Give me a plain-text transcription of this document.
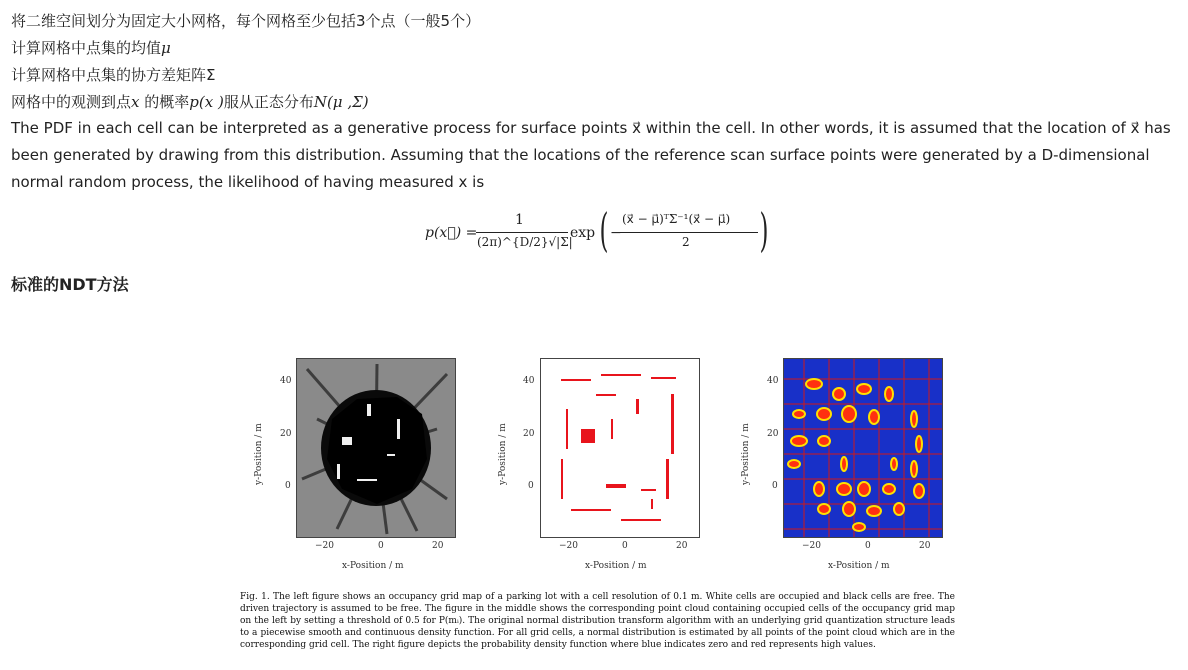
将二维空间划分为固定大小网格，每个网格至少包括3个点（一般5个）
计算网格中点集的均值μ
计算网格中点集的协方差矩阵Σ
网格中的观测到点x 的概率p(x )服从正态分布N(μ ,Σ)
The PDF in each cell can be interpreted as a generative process for surface points x⃗ within the cell. In other words, it is assumed that the location of x⃗ has been generated by drawing from this distribution. Assuming that the locations of the reference scan surface points were generated by a D-dimensional normal random process, the likelihood of having measured x is
p(x⃗) =
1
(2π)^{D/2}√|Σ|
exp ( −
(x⃗ − μ⃗)ᵀΣ⁻¹(x⃗ − μ⃗)
2 )
标准的NDT方法
40
20
0
y-Position / m
−20	0	20
x-Position / m
40
20
0
y-Position / m
−20	0	20
x-Position / m
40
20
0
y-Position / m
−20	0	20
x-Position / m
Fig. 1. The left figure shows an occupancy grid map of a parking lot with a cell resolution of 0.1 m. White cells are occupied and black cells are free. The driven trajectory is assumed to be free. The figure in the middle shows the corresponding point cloud containing occupied cells of the occupancy grid map on the left by setting a threshold of 0.5 for P(mᵢ). The original normal distribution transform algorithm with an underlying grid quantization structure leads to a piecewise smooth and continuous density function. For all grid cells, a normal distribution is estimated by all points of the point cloud which are in the corresponding grid cell. The right figure depicts the probability density function where blue indicates zero and red represents high values.
